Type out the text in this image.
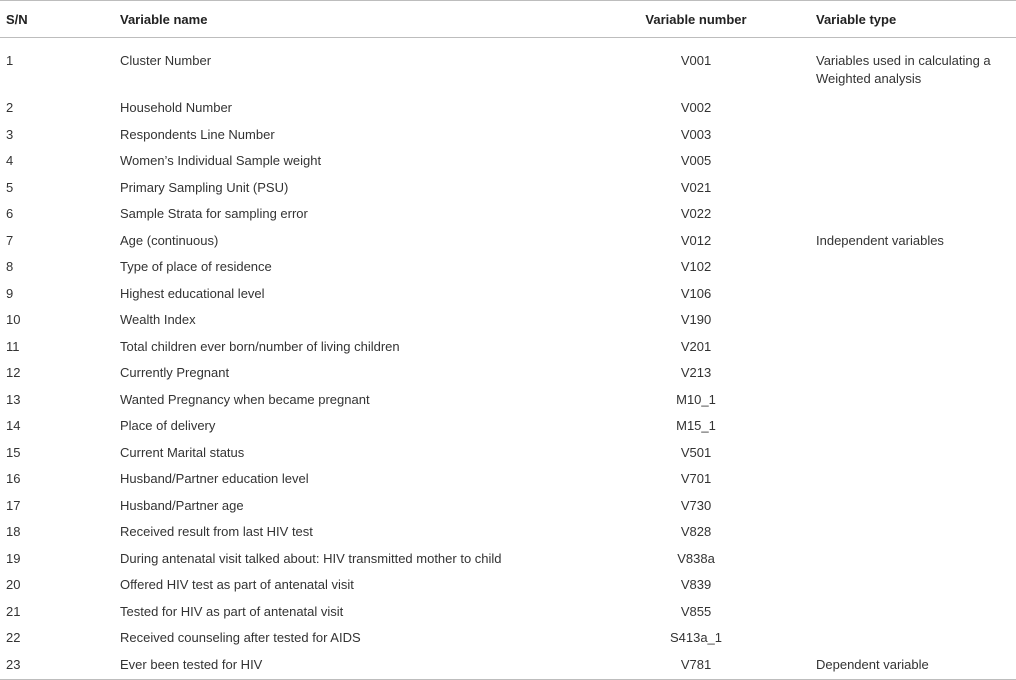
S/N	Variable name	Variable number	Variable type
1	Cluster Number	V001	Variables used in calculating a Weighted analysis
2	Household Number	V002	
3	Respondents Line Number	V003	
4	Women’s Individual Sample weight	V005	
5	Primary Sampling Unit (PSU)	V021	
6	Sample Strata for sampling error	V022	
7	Age (continuous)	V012	Independent variables
8	Type of place of residence	V102	
9	Highest educational level	V106	
10	Wealth Index	V190	
11	Total children ever born/number of living children	V201	
12	Currently Pregnant	V213	
13	Wanted Pregnancy when became pregnant	M10_1	
14	Place of delivery	M15_1	
15	Current Marital status	V501	
16	Husband/Partner education level	V701	
17	Husband/Partner age	V730	
18	Received result from last HIV test	V828	
19	During antenatal visit talked about: HIV transmitted mother to child	V838a	
20	Offered HIV test as part of antenatal visit	V839	
21	Tested for HIV as part of antenatal visit	V855	
22	Received counseling after tested for AIDS	S413a_1	
23	Ever been tested for HIV	V781	Dependent variable
